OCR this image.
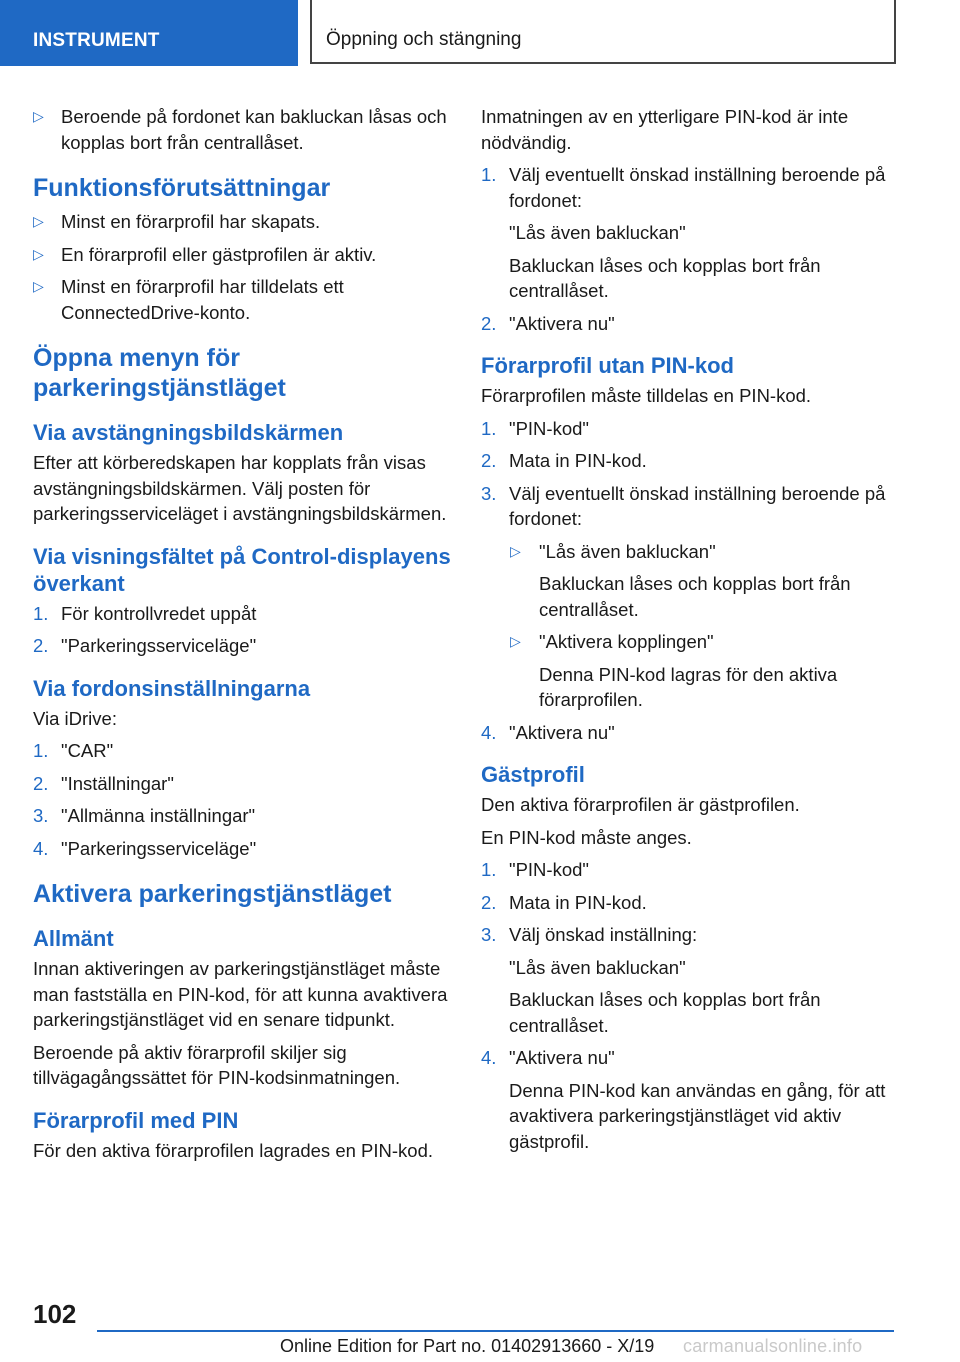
INSTRUMENT	Öppning och stängning
▷ Beroende på fordonet kan bakluckan låsas och kopplas bort från centrallåset.
Funktionsförutsättningar
▷ Minst en förarprofil har skapats.
▷ En förarprofil eller gästprofilen är aktiv.
▷ Minst en förarprofil har tilldelats ett ConnectedDrive-konto.
Öppna menyn för parkeringstjänstläget
Via avstängningsbildskärmen
Efter att körberedskapen har kopplats från visas avstängningsbildskärmen. Välj posten för parkeringsserviceläget i avstängningsbildskärmen.
Via visningsfältet på Control-displayens överkant
1. För kontrollvredet uppåt
2. "Parkeringsserviceläge"
Via fordonsinställningarna
Via iDrive:
1. "CAR"
2. "Inställningar"
3. "Allmänna inställningar"
4. "Parkeringsserviceläge"
Aktivera parkeringstjänstläget
Allmänt
Innan aktiveringen av parkeringstjänstläget måste man fastställa en PIN-kod, för att kunna avaktivera parkeringstjänstläget vid en senare tidpunkt.
Beroende på aktiv förarprofil skiljer sig tillvägagångssättet för PIN-kodsinmatningen.
Förarprofil med PIN
För den aktiva förarprofilen lagrades en PIN-kod.
Inmatningen av en ytterligare PIN-kod är inte nödvändig.
1. Välj eventuellt önskad inställning beroende på fordonet:
"Lås även bakluckan"
Bakluckan låses och kopplas bort från centrallåset.
2. "Aktivera nu"
Förarprofil utan PIN-kod
Förarprofilen måste tilldelas en PIN-kod.
1. "PIN-kod"
2. Mata in PIN-kod.
3. Välj eventuellt önskad inställning beroende på fordonet:
▷ "Lås även bakluckan"
Bakluckan låses och kopplas bort från centrallåset.
▷ "Aktivera kopplingen"
Denna PIN-kod lagras för den aktiva förarprofilen.
4. "Aktivera nu"
Gästprofil
Den aktiva förarprofilen är gästprofilen.
En PIN-kod måste anges.
1. "PIN-kod"
2. Mata in PIN-kod.
3. Välj önskad inställning:
"Lås även bakluckan"
Bakluckan låses och kopplas bort från centrallåset.
4. "Aktivera nu"
Denna PIN-kod kan användas en gång, för att avaktivera parkeringstjänstläget vid aktiv gästprofil.
102
Online Edition for Part no. 01402913660 - X/19 carmanualsonline.info
